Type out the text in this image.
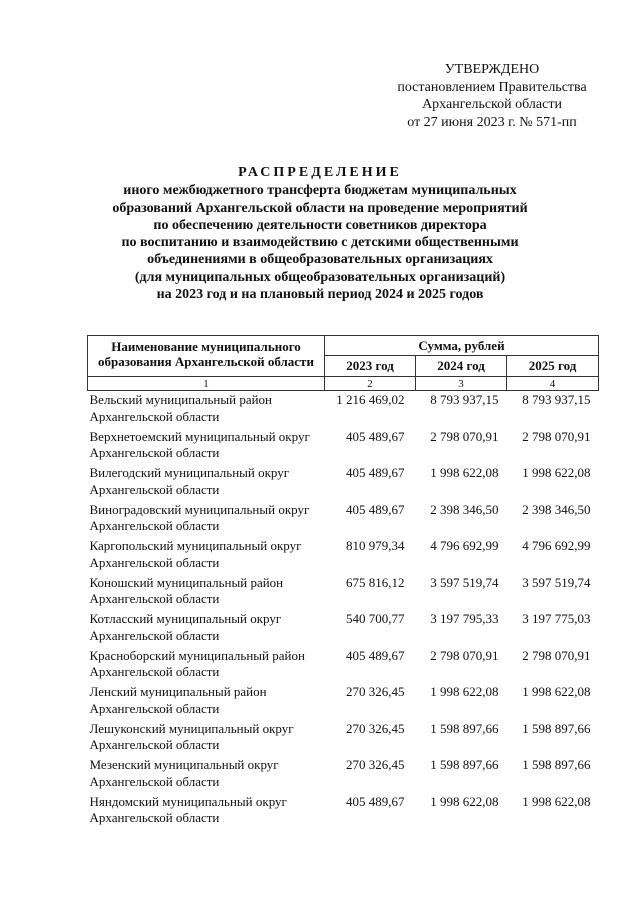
УТВЕРЖДЕНО
постановлением Правительства
Архангельской области
от 27 июня 2023 г. № 571-пп
РАСПРЕДЕЛЕНИЕ
иного межбюджетного трансферта бюджетам муниципальных
образований Архангельской области на проведение мероприятий
по обеспечению деятельности советников директора
по воспитанию и взаимодействию с детскими общественными
объединениями в общеобразовательных организациях
(для муниципальных общеобразовательных организаций)
на 2023 год и на плановый период 2024 и 2025 годов
Наименование муниципального образования Архангельской области	Сумма, рублей		
	2023 год	2024 год	2025 год
1	2	3	4

Вельский муниципальный район
Архангельской области	1 216 469,02	8 793 937,15	8 793 937,15

Верхнетоемский муниципальный округ
Архангельской области	405 489,67	2 798 070,91	2 798 070,91

Вилегодский муниципальный округ
Архангельской области	405 489,67	1 998 622,08	1 998 622,08

Виноградовский муниципальный округ
Архангельской области	405 489,67	2 398 346,50	2 398 346,50

Каргопольский муниципальный округ
Архангельской области	810 979,34	4 796 692,99	4 796 692,99

Коношский муниципальный район
Архангельской области	675 816,12	3 597 519,74	3 597 519,74

Котласский муниципальный округ
Архангельской области	540 700,77	3 197 795,33	3 197 775,03

Красноборский муниципальный район
Архангельской области	405 489,67	2 798 070,91	2 798 070,91

Ленский муниципальный район
Архангельской области	270 326,45	1 998 622,08	1 998 622,08

Лешуконский муниципальный округ
Архангельской области	270 326,45	1 598 897,66	1 598 897,66

Мезенский муниципальный округ
Архангельской области	270 326,45	1 598 897,66	1 598 897,66

Няндомский муниципальный округ
Архангельской области	405 489,67	1 998 622,08	1 998 622,08
